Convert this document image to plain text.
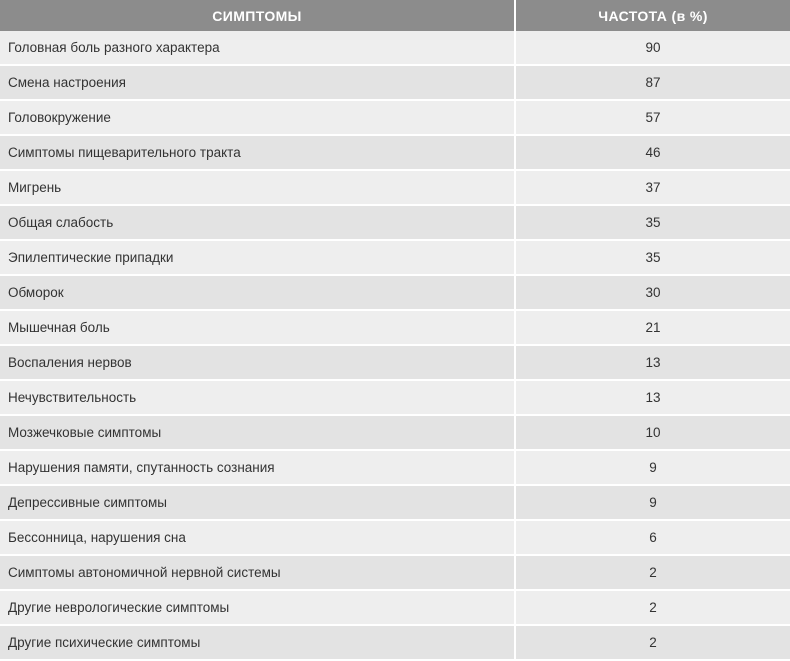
СИМПТОМЫ	ЧАСТОТА (в %)
Головная боль разного характера	90
Смена настроения	87
Головокружение	57
Симптомы пищеварительного тракта	46
Мигрень	37
Общая слабость	35
Эпилептические припадки	35
Обморок	30
Мышечная боль	21
Воспаления нервов	13
Нечувствительность	13
Мозжечковые симптомы	10
Нарушения памяти, спутанность сознания	9
Депрессивные симптомы	9
Бессонница, нарушения сна	6
Симптомы автономичной нервной системы	2
Другие неврологические симптомы	2
Другие психические симптомы	2
